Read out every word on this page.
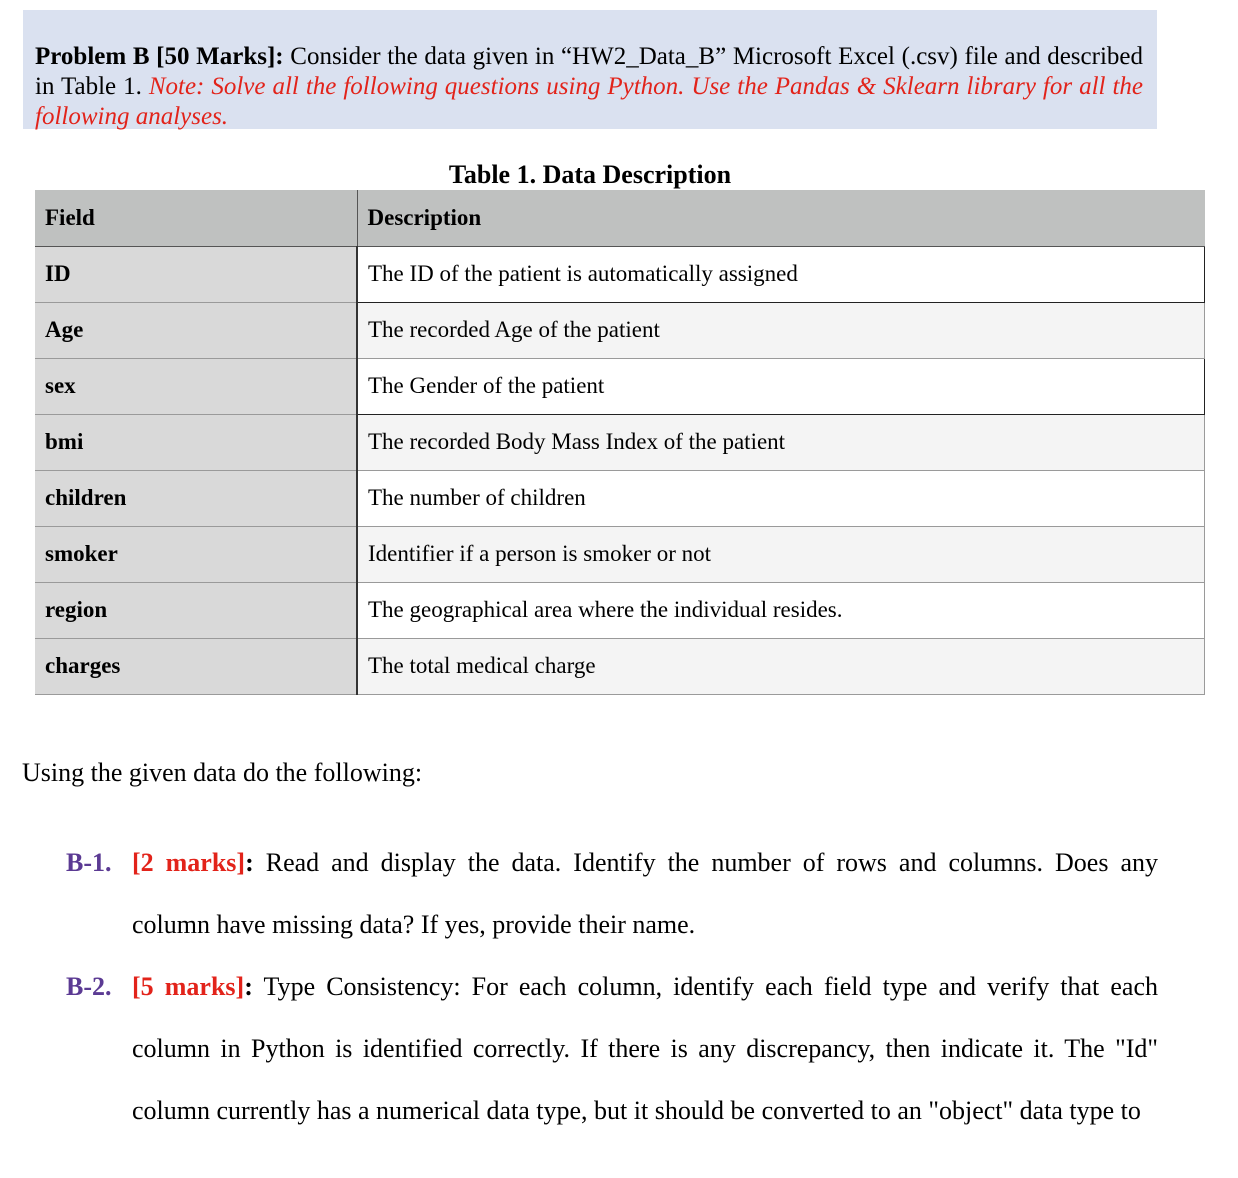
Problem B [50 Marks]: Consider the data given in “HW2_Data_B” Microsoft Excel (.csv) file and described in Table 1. Note: Solve all the following questions using Python. Use the Pandas & Sklearn library for all the following analyses.
Table 1. Data Description
Field	Description
ID	The ID of the patient is automatically assigned
Age	The recorded Age of the patient
sex	The Gender of the patient
bmi	The recorded Body Mass Index of the patient
children	The number of children
smoker	Identifier if a person is smoker or not
region	The geographical area where the individual resides.
charges	The total medical charge
Using the given data do the following:
B-1. [2 marks]: Read and display the data. Identify the number of rows and columns. Does any column have missing data? If yes, provide their name.
B-2. [5 marks]: Type Consistency: For each column, identify each field type and verify that each column in Python is identified correctly. If there is any discrepancy, then indicate it. The "Id" column currently has a numerical data type, but it should be converted to an "object" data type to
